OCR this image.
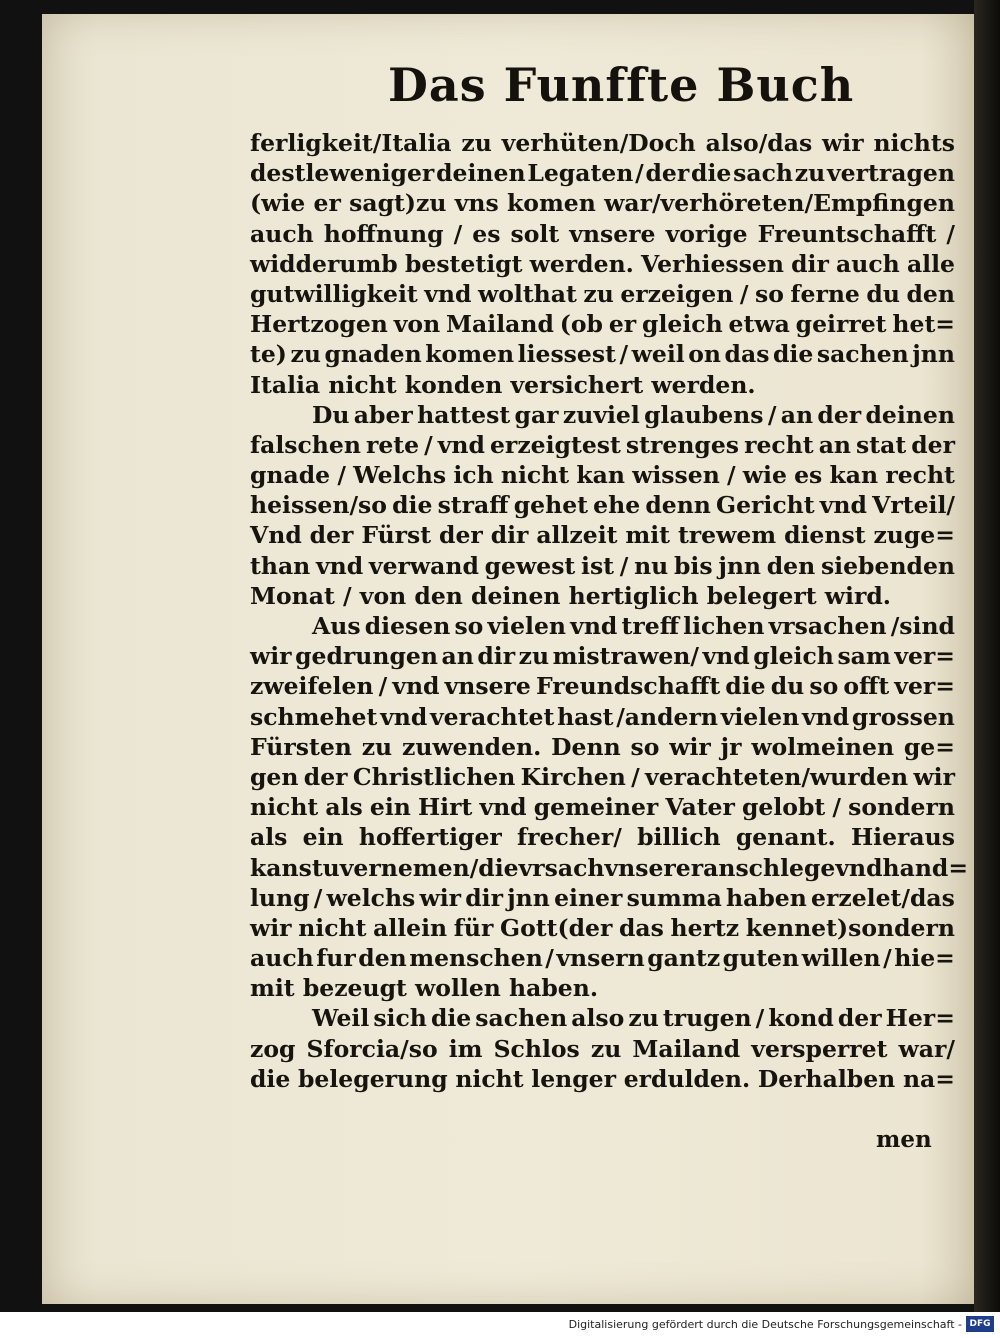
Das Funffte Buch
ferligkeit/Italia zu verhüten/Doch also/das wir nichts
destleweniger deinen Legaten / der die sach zu vertragen
(wie er sagt)zu vns komen war/verhöreten/Empfingen
auch hoffnung / es solt vnsere vorige Freuntschafft /
widderumb bestetigt werden. Verhiessen dir auch alle
gutwilligkeit vnd wolthat zu erzeigen / so ferne du den
Hertzogen von Mailand (ob er gleich etwa geirret het=
te) zu gnaden komen liessest / weil on das die sachen jnn
Italia nicht konden versichert werden.
Du aber hattest gar zuviel glaubens / an der deinen
falschen rete / vnd erzeigtest strenges recht an stat der
gnade / Welchs ich nicht kan wissen / wie es kan recht
heissen/so die straff gehet ehe denn Gericht vnd Vrteil/
Vnd der Fürst der dir allzeit mit trewem dienst zuge=
than vnd verwand gewest ist / nu bis jnn den siebenden
Monat / von den deinen hertiglich belegert wird.
Aus diesen so vielen vnd treff lichen vrsachen /sind
wir gedrungen an dir zu mistrawen/ vnd gleich sam ver=
zweifelen / vnd vnsere Freundschafft die du so offt ver=
schmehet vnd verachtet hast /andern vielen vnd grossen
Fürsten zu zuwenden. Denn so wir jr wolmeinen ge=
gen der Christlichen Kirchen / verachteten/wurden wir
nicht als ein Hirt vnd gemeiner Vater gelobt / sondern
als ein hoffertiger frecher/ billich genant. Hieraus
kanstu vernemen/die vrsach vnserer anschlege vnd hand=
lung / welchs wir dir jnn einer summa haben erzelet/das
wir nicht allein für Gott(der das hertz kennet)sondern
auch fur den menschen / vnsern gantz guten willen / hie=
mit bezeugt wollen haben.
Weil sich die sachen also zu trugen / kond der Her=
zog Sforcia/so im Schlos zu Mailand versperret war/
die belegerung nicht lenger erdulden. Derhalben na=
men
Digitalisierung gefördert durch die Deutsche Forschungsgemeinschaft - DFG
